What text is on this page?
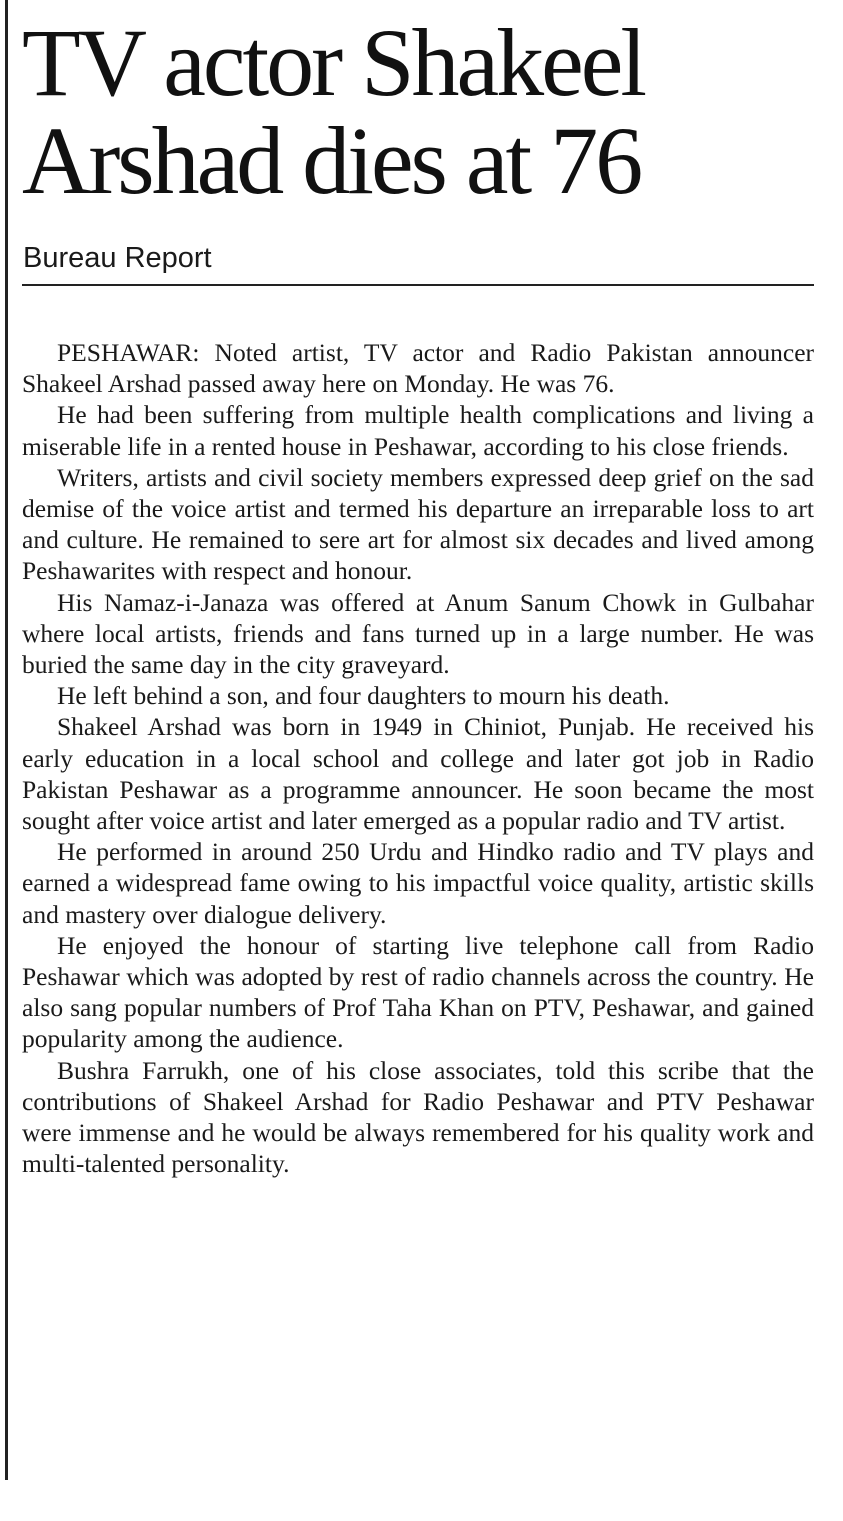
TV actor Shakeel
Arshad dies at 76
Bureau Report

PESHAWAR: Noted artist, TV actor and Radio Pakistan announcer Shakeel Arshad passed away here on Monday. He was 76.

He had been suffering from multiple health complications and living a miserable life in a rented house in Peshawar, according to his close friends.

Writers, artists and civil society members expressed deep grief on the sad demise of the voice artist and termed his departure an irreparable loss to art and culture. He remained to sere art for almost six decades and lived among Peshawarites with respect and honour.

His Namaz-i-Janaza was offered at Anum Sanum Chowk in Gulbahar where local artists, friends and fans turned up in a large number. He was buried the same day in the city graveyard.

He left behind a son, and four daughters to mourn his death.

Shakeel Arshad was born in 1949 in Chiniot, Punjab. He received his early education in a local school and college and later got job in Radio Pakistan Peshawar as a programme announcer. He soon became the most sought after voice artist and later emerged as a popular radio and TV artist.

He performed in around 250 Urdu and Hindko radio and TV plays and earned a widespread fame owing to his impactful voice quality, artistic skills and mastery over dialogue delivery.

He enjoyed the honour of starting live telephone call from Radio Peshawar which was adopted by rest of radio channels across the country. He also sang popular numbers of Prof Taha Khan on PTV, Peshawar, and gained popularity among the audience.

Bushra Farrukh, one of his close associates, told this scribe that the contributions of Shakeel Arshad for Radio Peshawar and PTV Peshawar were immense and he would be always remembered for his quality work and multi-talented personality.
